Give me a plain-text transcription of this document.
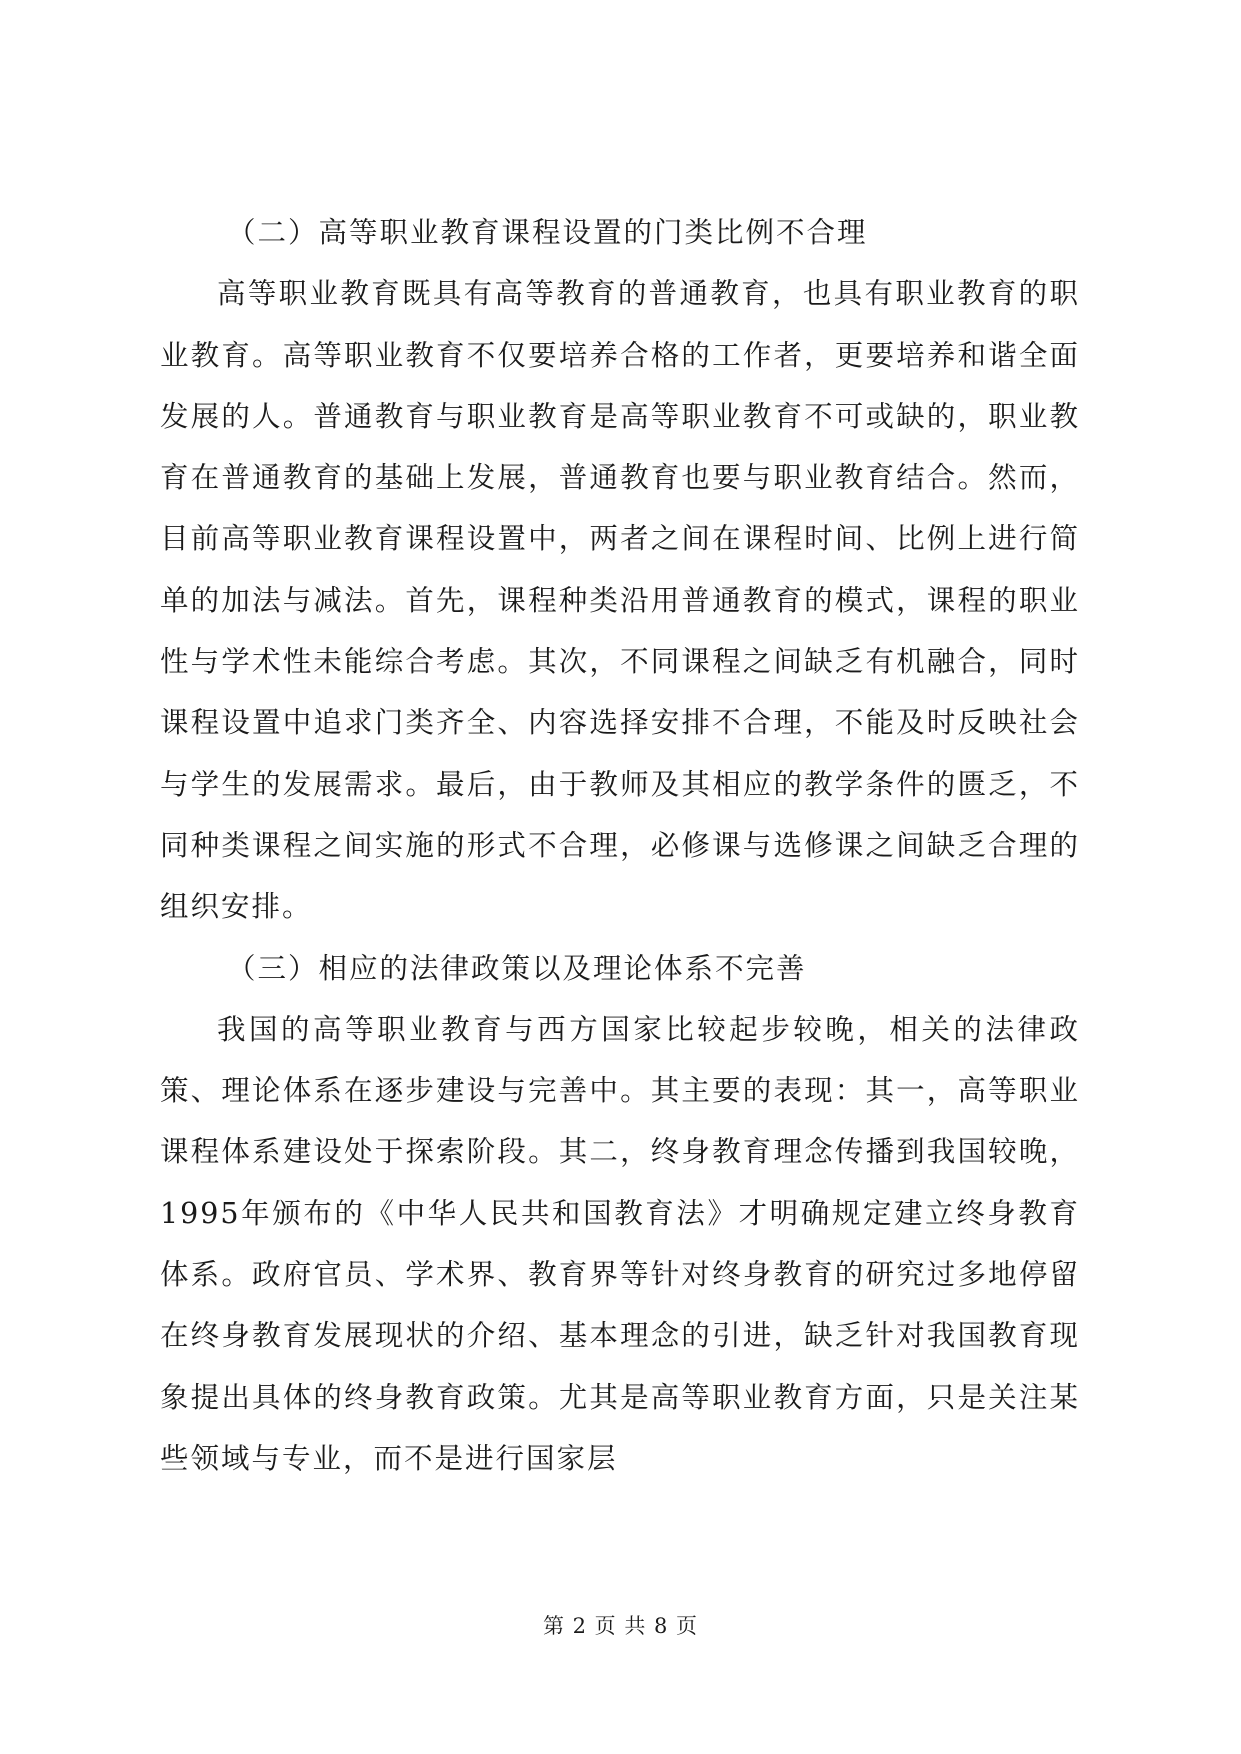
（二）高等职业教育课程设置的门类比例不合理

高等职业教育既具有高等教育的普通教育，也具有职业教育的职业教育。高等职业教育不仅要培养合格的工作者，更要培养和谐全面发展的人。普通教育与职业教育是高等职业教育不可或缺的，职业教育在普通教育的基础上发展，普通教育也要与职业教育结合。然而，目前高等职业教育课程设置中，两者之间在课程时间、比例上进行简单的加法与减法。首先，课程种类沿用普通教育的模式，课程的职业性与学术性未能综合考虑。其次，不同课程之间缺乏有机融合，同时课程设置中追求门类齐全、内容选择安排不合理，不能及时反映社会与学生的发展需求。最后，由于教师及其相应的教学条件的匮乏，不同种类课程之间实施的形式不合理，必修课与选修课之间缺乏合理的组织安排。

（三）相应的法律政策以及理论体系不完善

我国的高等职业教育与西方国家比较起步较晚，相关的法律政策、理论体系在逐步建设与完善中。其主要的表现：其一，高等职业课程体系建设处于探索阶段。其二，终身教育理念传播到我国较晚，1995年颁布的《中华人民共和国教育法》才明确规定建立终身教育体系。政府官员、学术界、教育界等针对终身教育的研究过多地停留在终身教育发展现状的介绍、基本理念的引进，缺乏针对我国教育现象提出具体的终身教育政策。尤其是高等职业教育方面，只是关注某些领域与专业，而不是进行国家层

第 2 页 共 8 页
